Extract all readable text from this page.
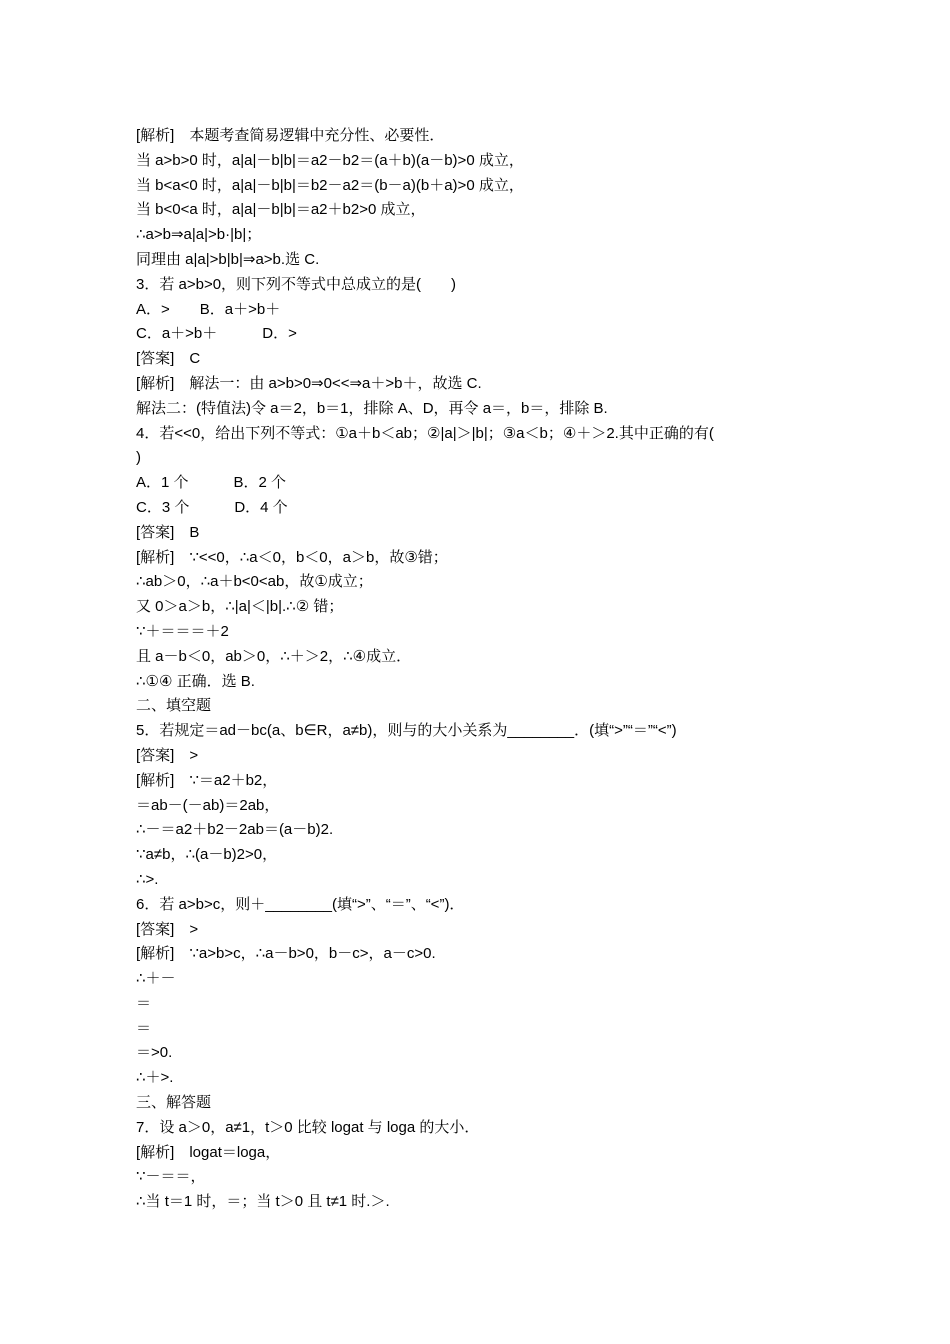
[解析]　本题考查简易逻辑中充分性、必要性．
当 a>b>0 时，a|a|－b|b|＝a2－b2＝(a＋b)(a－b)>0 成立，
当 b<a<0 时，a|a|－b|b|＝b2－a2＝(b－a)(b＋a)>0 成立，
当 b<0<a 时，a|a|－b|b|＝a2＋b2>0 成立，
∴a>b⇒a|a|>b·|b|；
同理由 a|a|>b|b|⇒a>b.选 C.
3．若 a>b>0，则下列不等式中总成立的是(　　)
A．>　　B．a＋>b＋
C．a＋>b＋　　　D．>
[答案]　C
[解析]　解法一：由 a>b>0⇒0<<⇒a＋>b＋，故选 C.
解法二：(特值法)令 a＝2，b＝1，排除 A、D，再令 a＝，b＝，排除 B.
4．若<<0，给出下列不等式：①a＋b＜ab；②|a|＞|b|；③a＜b；④＋＞2.其中正确的有(
)
A．1 个　　　B．2 个
C．3 个　　　D．4 个
[答案]　B
[解析]　∵<<0，∴a＜0，b＜0，a＞b，故③错；
∴ab＞0，∴a＋b<0<ab，故①成立；
又 0＞a＞b，∴|a|＜|b|.∴② 错；
∵＋＝＝＝＋2
且 a－b＜0，ab＞0，∴＋＞2，∴④成立．
∴①④ 正确．选 B.
二、填空题
5．若规定＝ad－bc(a、b∈R，a≠b)，则与的大小关系为________．(填“>”“＝”“<”)
[答案]　>
[解析]　∵＝a2＋b2，
＝ab－(－ab)＝2ab，
∴－＝a2＋b2－2ab＝(a－b)2.
∵a≠b，∴(a－b)2>0，
∴>.
6．若 a>b>c，则＋________(填“>”、“＝”、“<”)．
[答案]　>
[解析]　∵a>b>c，∴a－b>0，b－c>，a－c>0.
∴＋－
＝
＝
＝>0.
∴＋>.
三、解答题
7．设 a＞0，a≠1，t＞0 比较 logat 与 loga 的大小．
[解析]　logat＝loga，
∵－＝＝，
∴当 t＝1 时，＝；当 t＞0 且 t≠1 时.＞.
